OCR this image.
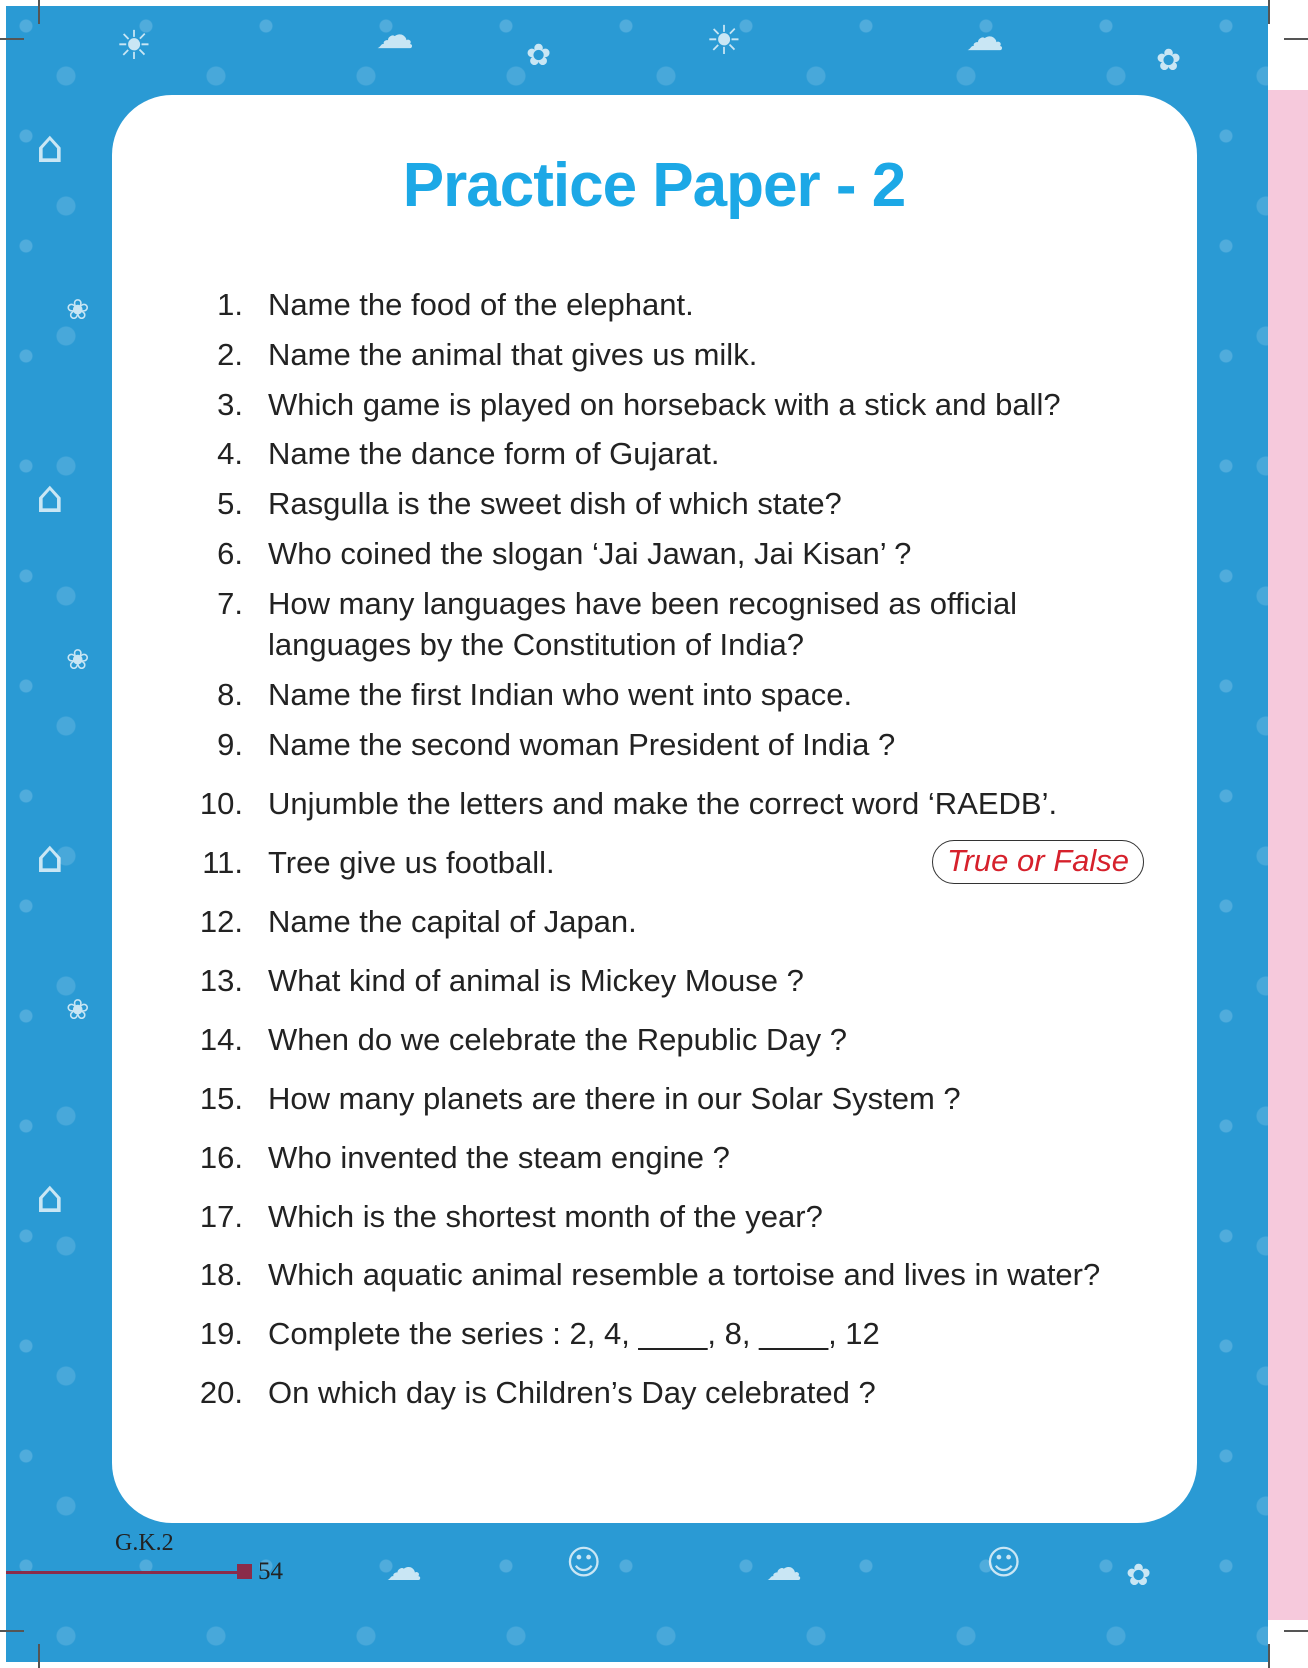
☀	☁	☀	☁
✿	✿
⌂
⌂
⌂
⌂
❀
❀
❀
☁	☺	☁	☺	✿
Practice Paper - 2
1. Name the food of the elephant.
2. Name the animal that gives us milk.
3. Which game is played on horseback with a stick and ball?
4. Name the dance form of Gujarat.
5. Rasgulla is the sweet dish of which state?
6. Who coined the slogan ‘Jai Jawan, Jai Kisan’ ?
7. How many languages have been recognised as official languages by the Constitution of India?
8. Name the first Indian who went into space.
9. Name the second woman President of India ?
10. Unjumble the letters and make the correct word ‘RAEDB’.
11. Tree give us football.
12. Name the capital of Japan.
13. What kind of animal is Mickey Mouse ?
14. When do we celebrate the Republic Day ?
15. How many planets are there in our Solar System ?
16. Who invented the steam engine ?
17. Which is the shortest month of the year?
18. Which aquatic animal resemble a tortoise and lives in water?
19. Complete the series : 2, 4, ____, 8, ____, 12
20. On which day is Children’s Day celebrated ?
True or False
G.K.2
54
